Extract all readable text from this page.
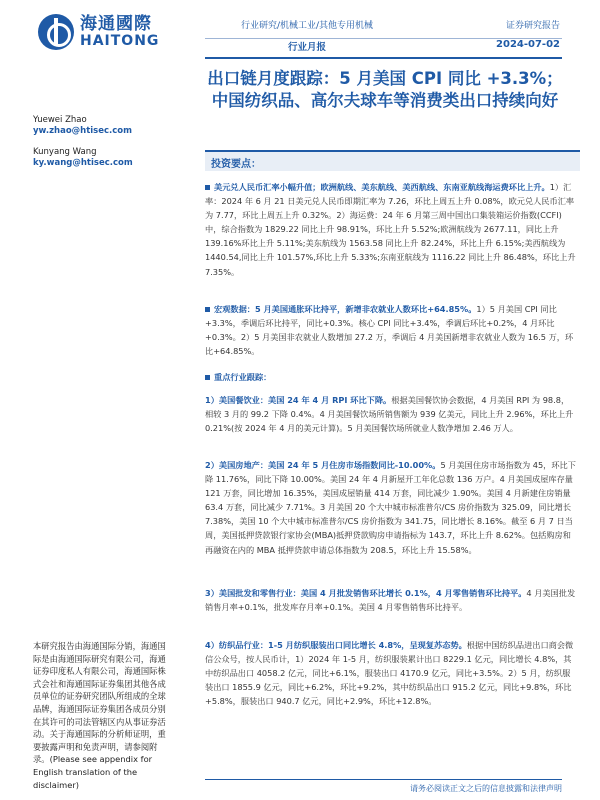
海通國際
HAITONG
行业研究/机械工业/其他专用机械
行业月报
证券研究报告
2024-07-02
出口链月度跟踪：5 月美国 CPI 同比 +3.3%；中国纺织品、高尔夫球车等消费类出口持续向好
Yuewei Zhao
yw.zhao@htisec.com
Kunyang Wang
ky.wang@htisec.com	投资要点：
美元兑人民币汇率小幅升值；欧洲航线、美东航线、美西航线、东南亚航线海运费环比上升。1）汇率：2024 年 6 月 21 日美元兑人民币即期汇率为 7.26，环比上周五上升 0.08%，欧元兑人民币汇率为 7.77，环比上周五上升 0.32%。2）海运费：24 年 6 月第三周中国出口集装箱运价指数(CCFI)中，综合指数为 1829.22 同比上升 98.91%，环比上升 5.52%;欧洲航线为 2677.11，同比上升 139.16%环比上升 5.11%;美东航线为 1563.58 同比上升 82.24%，环比上升 6.15%;美西航线为 1440.54,同比上升 101.57%,环比上升 5.33%;东南亚航线为 1116.22 同比上升 86.48%，环比上升 7.35%。
宏观数据：5 月美国通胀环比持平，新增非农就业人数环比+64.85%。1）5 月美国 CPI 同比+3.3%，季调后环比持平，同比+0.3%。核心 CPI 同比+3.4%，季调后环比+0.2%，4 月环比+0.3%。2）5 月美国非农就业人数增加 27.2 万，季调后 4 月美国新增非农就业人数为 16.5 万，环比+64.85%。
重点行业跟踪：
1）美国餐饮业：美国 24 年 4 月 RPI 环比下降。根据美国餐饮协会数据，4 月美国 RPI 为 98.8，相较 3 月的 99.2 下降 0.4%。4 月美国餐饮场所销售额为 939 亿美元，同比上升 2.96%，环比上升 0.21%(按 2024 年 4 月的美元计算)。5 月美国餐饮场所就业人数净增加 2.46 万人。
2）美国房地产：美国 24 年 5 月住房市场指数同比-10.00%。5 月美国住房市场指数为 45，环比下降 11.76%，同比下降 10.00%。美国 24 年 4 月新屋开工年化总数 136 万户。4 月美国成屋库存量 121 万套，同比增加 16.35%，美国成屋销量 414 万套，同比减少 1.90%。美国 4 月新建住房销量 63.4 万套，同比减少 7.71%。3 月美国 20 个大中城市标准普尔/CS 房价指数为 325.09，同比增长 7.38%，美国 10 个大中城市标准普尔/CS 房价指数为 341.75，同比增长 8.16%。截至 6 月 7 日当周，美国抵押贷款银行家协会(MBA)抵押贷款购房申请指标为 143.7，环比上升 8.62%。包括购房和再融资在内的 MBA 抵押贷款申请总体指数为 208.5，环比上升 15.58%。
3）美国批发和零售行业：美国 4 月批发销售环比增长 0.1%，4 月零售销售环比持平。4 月美国批发销售月率+0.1%，批发库存月率+0.1%。美国 4 月零售销售环比持平。
4）纺织品行业：1-5 月纺织服装出口同比增长 4.8%，呈现复苏态势。根据中国纺织品进出口商会微信公众号，按人民币计，1）2024 年 1-5 月，纺织服装累计出口 8229.1 亿元，同比增长 4.8%，其中纺织品出口 4058.2 亿元，同比+6.1%，服装出口 4170.9 亿元，同比+3.5%。2）5 月，纺织服装出口 1855.9 亿元，同比+6.2%，环比+9.2%，其中纺织品出口 915.2 亿元，同比+9.8%，环比+5.8%，服装出口 940.7 亿元，同比+2.9%，环比+12.8%。
本研究报告由海通国际分销，海通国际是由海通国际研究有限公司，海通证券印度私人有限公司，海通国际株式会社和海通国际证券集团其他各成员单位的证券研究团队所组成的全球品牌，海通国际证券集团各成员分别在其许可的司法管辖区内从事证券活动。关于海通国际的分析师证明，重要披露声明和免责声明，请参阅附录。(Please see appendix for English translation of the disclaimer)	请务必阅读正文之后的信息披露和法律声明
